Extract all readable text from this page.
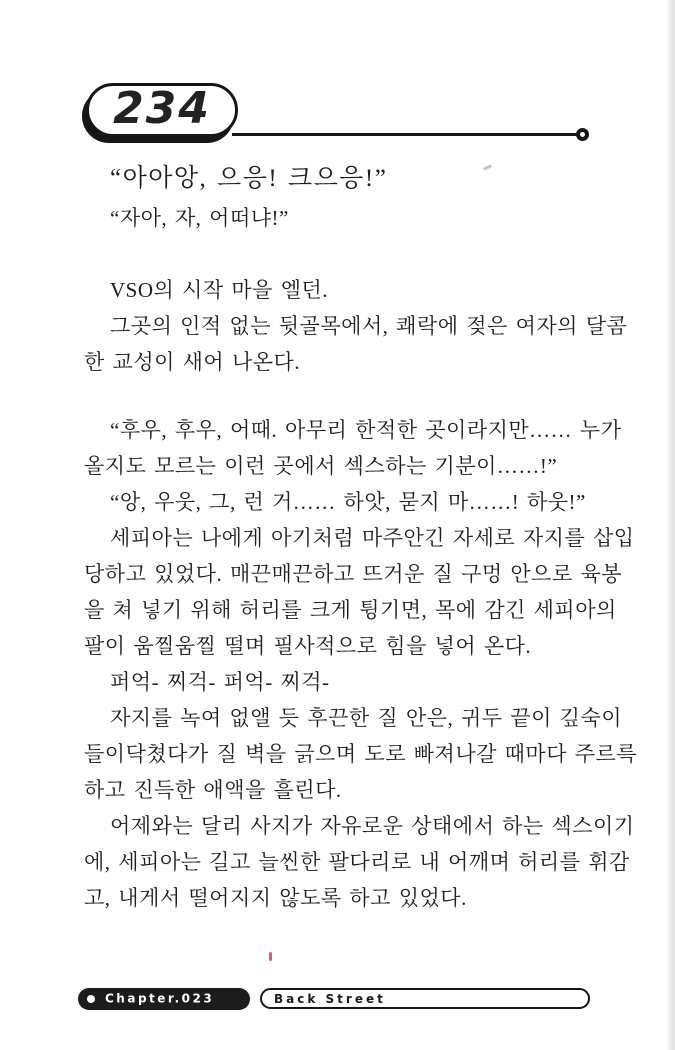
234
“아아앙, 으응! 크으응!”
“자아, 자, 어떠냐!”
VSO의 시작 마을 엘던.
그곳의 인적 없는 뒷골목에서, 쾌락에 젖은 여자의 달콤
한 교성이 새어 나온다.
“후우, 후우, 어때. 아무리 한적한 곳이라지만…… 누가
올지도 모르는 이런 곳에서 섹스하는 기분이……!”
“앙, 우웃, 그, 런 거…… 하앗, 묻지 마……! 하웃!”
세피아는 나에게 아기처럼 마주안긴 자세로 자지를 삽입
당하고 있었다. 매끈매끈하고 뜨거운 질 구멍 안으로 육봉
을 쳐 넣기 위해 허리를 크게 튕기면, 목에 감긴 세피아의
팔이 움찔움찔 떨며 필사적으로 힘을 넣어 온다.
퍼억- 찌걱- 퍼억- 찌걱-
자지를 녹여 없앨 듯 후끈한 질 안은, 귀두 끝이 깊숙이
들이닥쳤다가 질 벽을 긁으며 도로 빠져나갈 때마다 주르륵
하고 진득한 애액을 흘린다.
어제와는 달리 사지가 자유로운 상태에서 하는 섹스이기
에, 세피아는 길고 늘씬한 팔다리로 내 어깨며 허리를 휘감
고, 내게서 떨어지지 않도록 하고 있었다.
Chapter.023	Back Street
